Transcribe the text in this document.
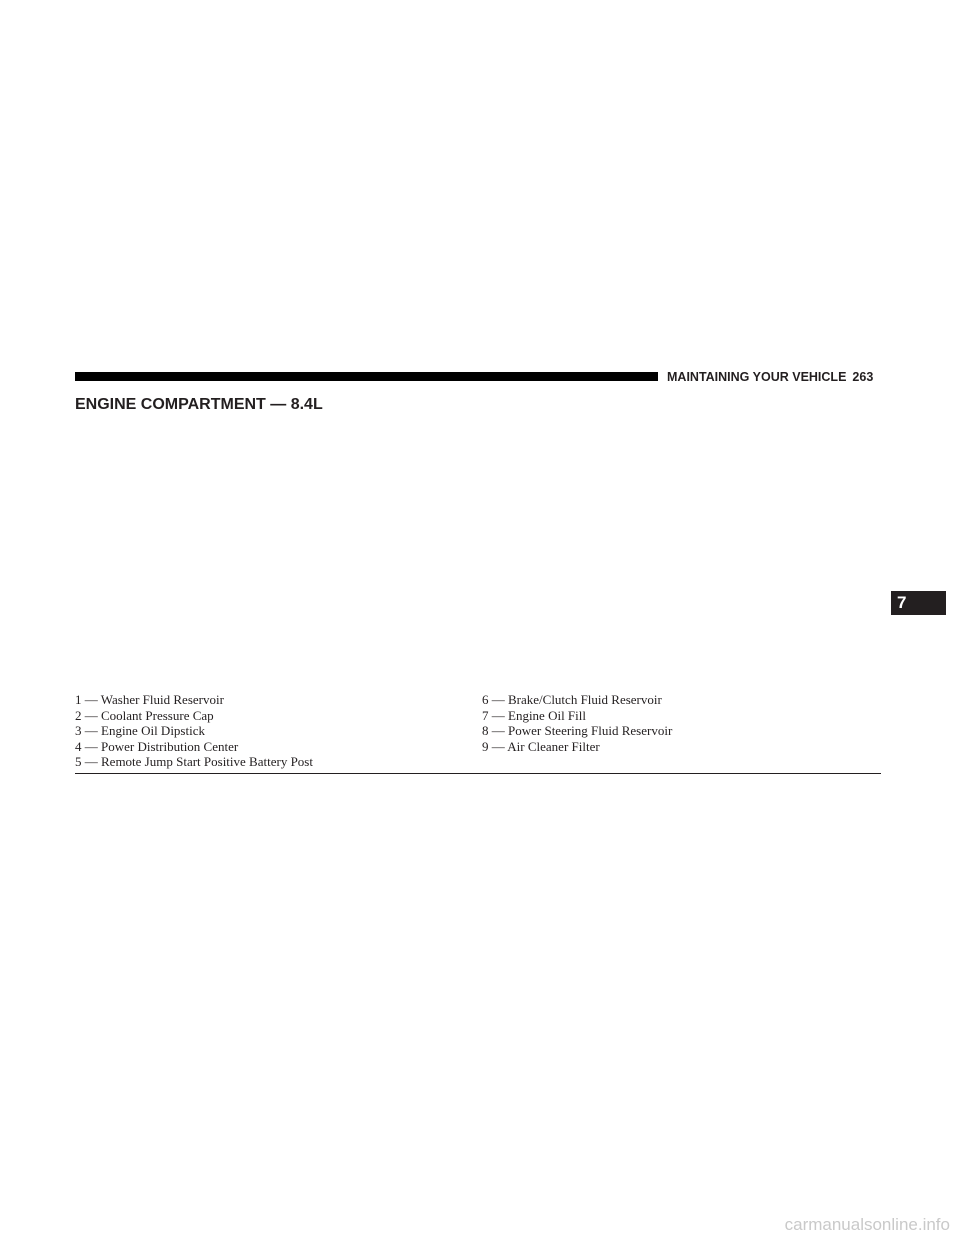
MAINTAINING YOUR VEHICLE 263
ENGINE COMPARTMENT — 8.4L
1 — Washer Fluid Reservoir
2 — Coolant Pressure Cap
3 — Engine Oil Dipstick
4 — Power Distribution Center
5 — Remote Jump Start Positive Battery Post
6 — Brake/Clutch Fluid Reservoir
7 — Engine Oil Fill
8 — Power Steering Fluid Reservoir
9 — Air Cleaner Filter
7
carmanualsonline.info
